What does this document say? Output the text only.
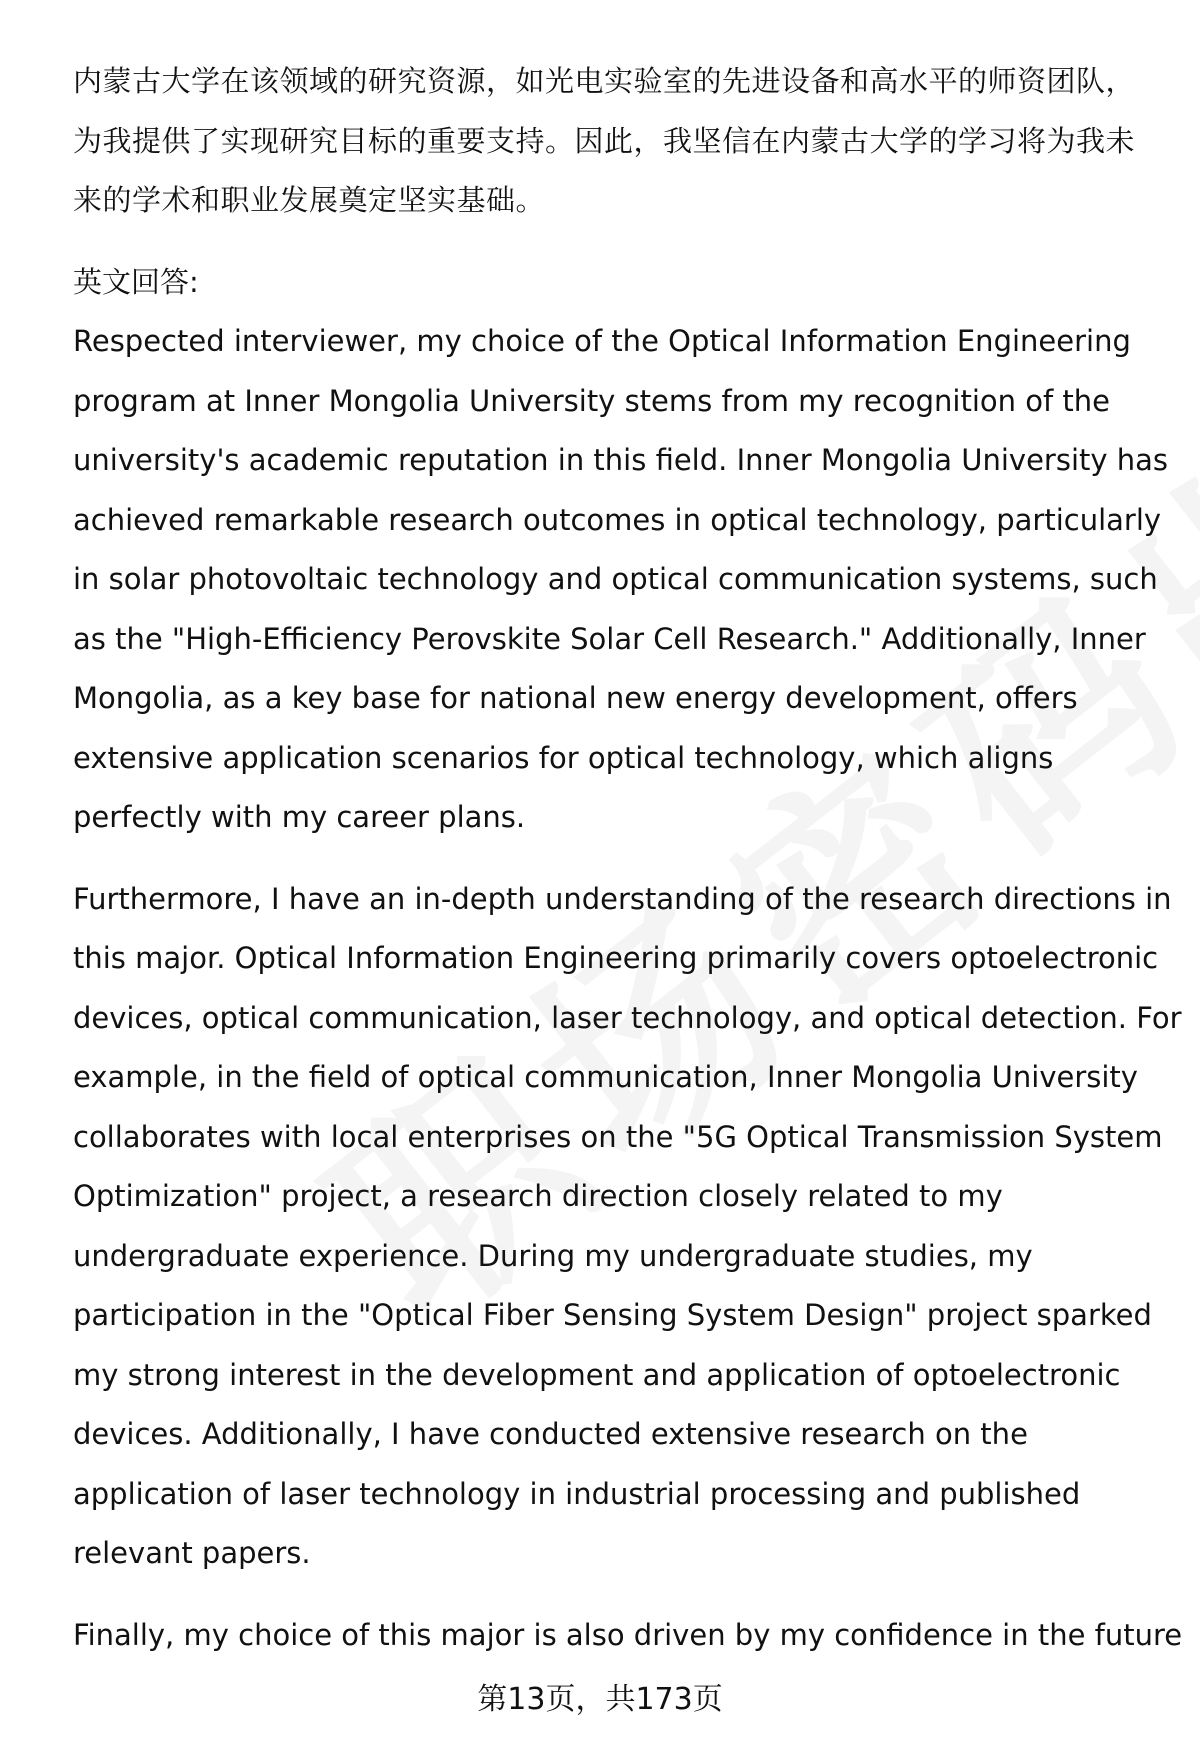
内蒙古大学在该领域的研究资源，如光电实验室的先进设备和高水平的师资团队，
为我提供了实现研究目标的重要支持。因此，我坚信在内蒙古大学的学习将为我未
来的学术和职业发展奠定坚实基础。

英文回答:

Respected interviewer, my choice of the Optical Information Engineering
program at Inner Mongolia University stems from my recognition of the
university's academic reputation in this field. Inner Mongolia University has
achieved remarkable research outcomes in optical technology, particularly
in solar photovoltaic technology and optical communication systems, such
as the "High-Efficiency Perovskite Solar Cell Research." Additionally, Inner
Mongolia, as a key base for national new energy development, offers
extensive application scenarios for optical technology, which aligns
perfectly with my career plans.

Furthermore, I have an in-depth understanding of the research directions in
this major. Optical Information Engineering primarily covers optoelectronic
devices, optical communication, laser technology, and optical detection. For
example, in the field of optical communication, Inner Mongolia University
collaborates with local enterprises on the "5G Optical Transmission System
Optimization" project, a research direction closely related to my
undergraduate experience. During my undergraduate studies, my
participation in the "Optical Fiber Sensing System Design" project sparked
my strong interest in the development and application of optoelectronic
devices. Additionally, I have conducted extensive research on the
application of laser technology in industrial processing and published
relevant papers.

Finally, my choice of this major is also driven by my confidence in the future

第13页，共173页
